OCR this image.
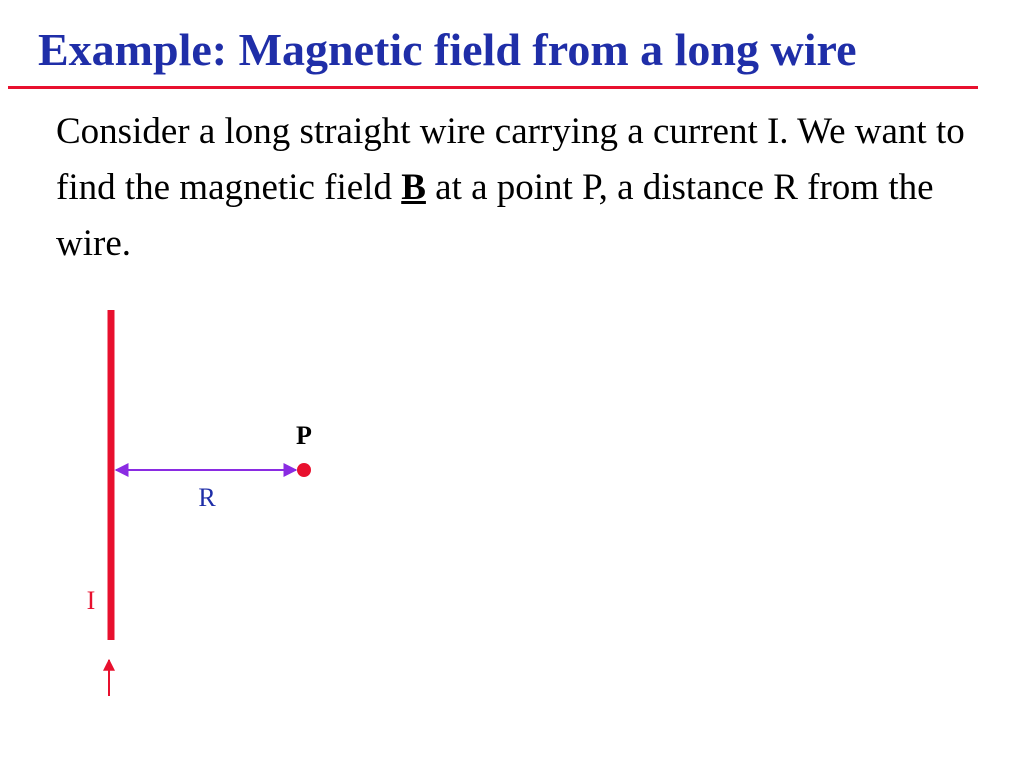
Example: Magnetic field from a long wire

Consider a long straight wire carrying a current I. We want to find the magnetic field B at a point P, a distance R from the wire.

P
R
I
